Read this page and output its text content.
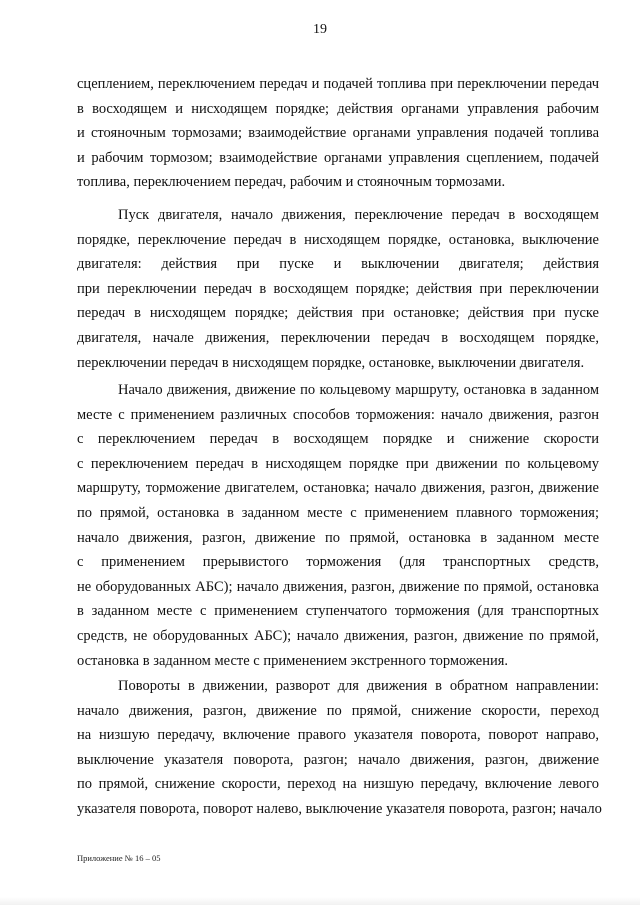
19
сцеплением, переключением передач и подачей топлива при переключении передач
в восходящем и нисходящем порядке; действия органами управления рабочим
и стояночным тормозами; взаимодействие органами управления подачей топлива
и рабочим тормозом; взаимодействие органами управления сцеплением, подачей
топлива, переключением передач, рабочим и стояночным тормозами.
Пуск двигателя, начало движения, переключение передач в восходящем
порядке, переключение передач в нисходящем порядке, остановка, выключение
двигателя: действия при пуске и выключении двигателя; действия
при переключении передач в восходящем порядке; действия при переключении
передач в нисходящем порядке; действия при остановке; действия при пуске
двигателя, начале движения, переключении передач в восходящем порядке,
переключении передач в нисходящем порядке, остановке, выключении двигателя.
Начало движения, движение по кольцевому маршруту, остановка в заданном
месте с применением различных способов торможения: начало движения, разгон
с переключением передач в восходящем порядке и снижение скорости
с переключением передач в нисходящем порядке при движении по кольцевому
маршруту, торможение двигателем, остановка; начало движения, разгон, движение
по прямой, остановка в заданном месте с применением плавного торможения;
начало движения, разгон, движение по прямой, остановка в заданном месте
с применением прерывистого торможения (для транспортных средств,
не оборудованных АБС); начало движения, разгон, движение по прямой, остановка
в заданном месте с применением ступенчатого торможения (для транспортных
средств, не оборудованных АБС); начало движения, разгон, движение по прямой,
остановка в заданном месте с применением экстренного торможения.
Повороты в движении, разворот для движения в обратном направлении:
начало движения, разгон, движение по прямой, снижение скорости, переход
на низшую передачу, включение правого указателя поворота, поворот направо,
выключение указателя поворота, разгон; начало движения, разгон, движение
по прямой, снижение скорости, переход на низшую передачу, включение левого
указателя поворота, поворот налево, выключение указателя поворота, разгон; начало
Приложение № 16 – 05
